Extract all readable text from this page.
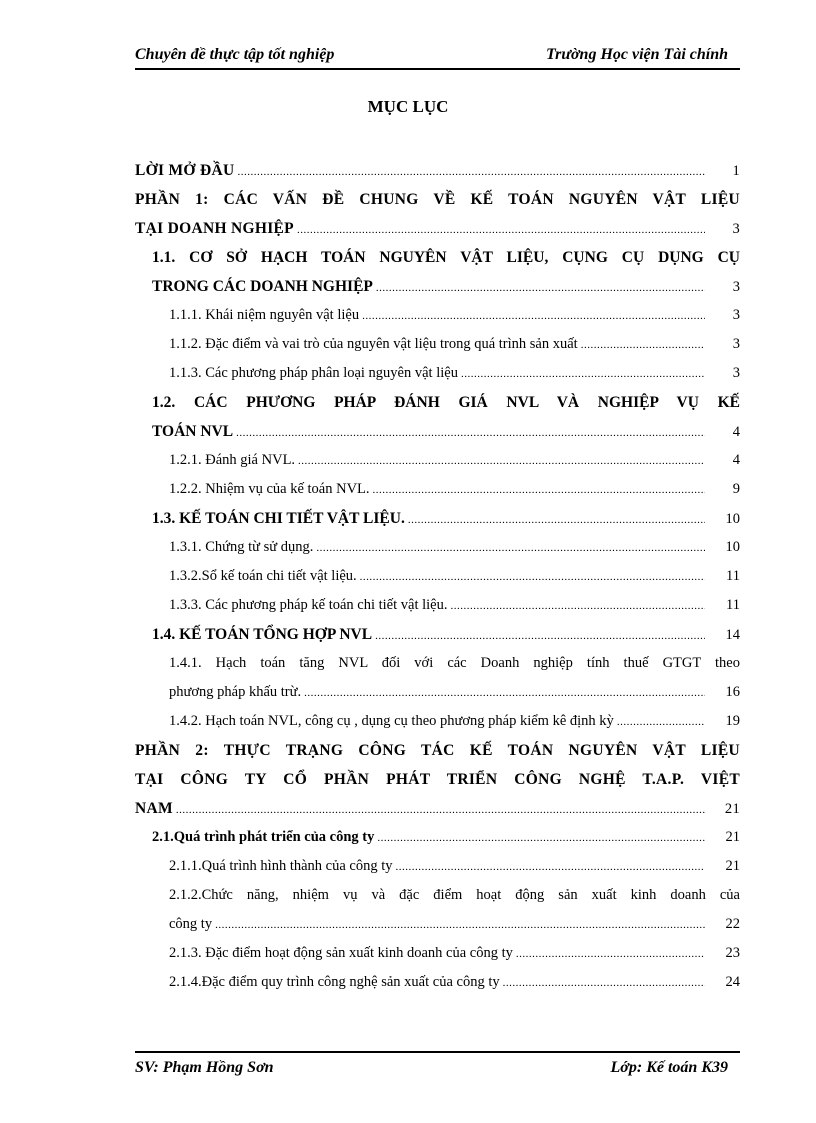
Chuyên đề thực tập tốt nghiệp	Trường Học viện Tài chính
MỤC LỤC
LỜI MỞ ĐẦU .....	1
PHẦN 1: CÁC VẤN ĐỀ CHUNG VỀ KẾ TOÁN NGUYÊN VẬT LIỆU
TẠI DOANH NGHIỆP .....	3
1.1. CƠ SỞ HẠCH TOÁN NGUYÊN VẬT LIỆU, CỤNG CỤ DỤNG CỤ
TRONG CÁC DOANH NGHIỆP .....	3
1.1.1. Khái niệm nguyên vật liệu .....	3
1.1.2. Đặc điểm và vai trò của nguyên vật liệu trong quá trình sản xuất .....	3
1.1.3. Các phương pháp phân loại nguyên vật liệu .....	3
1.2. CÁC PHƯƠNG PHÁP ĐÁNH GIÁ NVL VÀ NGHIỆP VỤ KẾ
TOÁN NVL .....	4
1.2.1. Đánh giá NVL. .....	4
1.2.2. Nhiệm vụ của kế toán NVL. .....	9
1.3. KẾ TOÁN CHI TIẾT VẬT LIỆU. .....	10
1.3.1. Chứng từ sử dụng. .....	10
1.3.2.Sổ kế toán chi tiết vật liệu. .....	11
1.3.3. Các phương pháp kế toán chi tiết vật liệu. .....	11
1.4. KẾ TOÁN TỔNG HỢP NVL .....	14
1.4.1. Hạch toán tăng NVL đối với các Doanh nghiệp tính thuế GTGT theo
phương pháp khấu trừ. .....	16
1.4.2. Hạch toán NVL, công cụ , dụng cụ theo phương pháp kiểm kê định kỳ .....	19
PHẦN 2: THỰC TRẠNG CÔNG TÁC KẾ TOÁN NGUYÊN VẬT LIỆU
TẠI CÔNG TY CỔ PHẦN PHÁT TRIỂN CÔNG NGHỆ T.A.P. VIỆT
NAM .....	21
2.1.Quá trình phát triển của công ty .....	21
2.1.1.Quá trình hình thành của công ty .....	21
2.1.2.Chức năng, nhiệm vụ và đặc điểm hoạt động sản xuất kinh doanh của
công ty .....	22
2.1.3. Đặc điểm hoạt động sản xuất kinh doanh của công ty .....	23
2.1.4.Đặc điểm quy trình công nghệ sản xuất của công ty .....	24
SV: Phạm Hồng Sơn	Lớp: Kế toán K39
